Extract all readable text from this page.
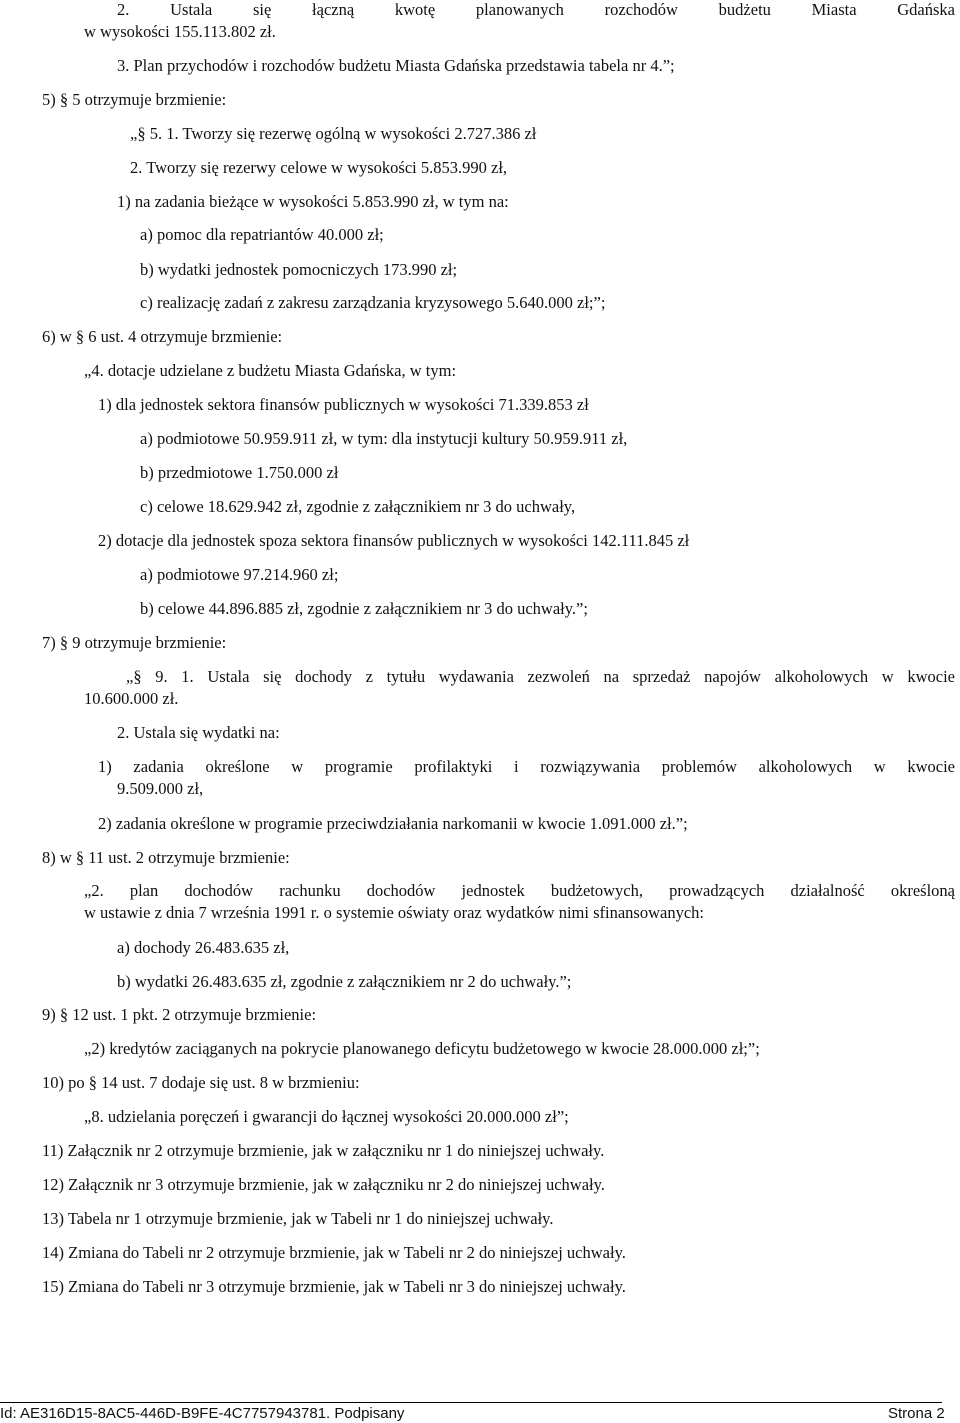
2. Ustala się łączną kwotę planowanych rozchodów budżetu Miasta Gdańska
w wysokości 155.113.802 zł.
3. Plan przychodów i rozchodów budżetu Miasta Gdańska przedstawia tabela nr 4.”;
5) § 5 otrzymuje brzmienie:
„§ 5. 1. Tworzy się rezerwę ogólną w wysokości 2.727.386 zł
2. Tworzy się rezerwy celowe w wysokości 5.853.990 zł,
1) na zadania bieżące w wysokości 5.853.990 zł, w tym na:
a) pomoc dla repatriantów 40.000 zł;
b) wydatki jednostek pomocniczych 173.990 zł;
c) realizację zadań z zakresu zarządzania kryzysowego 5.640.000 zł;”;
6) w § 6 ust. 4 otrzymuje brzmienie:
„4. dotacje udzielane z budżetu Miasta Gdańska, w tym:
1) dla jednostek sektora finansów publicznych w wysokości 71.339.853 zł
a) podmiotowe 50.959.911 zł, w tym: dla instytucji kultury 50.959.911 zł,
b) przedmiotowe 1.750.000 zł
c) celowe 18.629.942 zł, zgodnie z załącznikiem nr 3 do uchwały,
2) dotacje dla jednostek spoza sektora finansów publicznych w wysokości 142.111.845 zł
a) podmiotowe 97.214.960 zł;
b) celowe 44.896.885 zł, zgodnie z załącznikiem nr 3 do uchwały.”;
7) § 9 otrzymuje brzmienie:
„§ 9. 1. Ustala się dochody z tytułu wydawania zezwoleń na sprzedaż napojów alkoholowych w kwocie
10.600.000 zł.
2. Ustala się wydatki na:
1) zadania określone w programie profilaktyki i rozwiązywania problemów alkoholowych w kwocie
9.509.000 zł,
2) zadania określone w programie przeciwdziałania narkomanii w kwocie 1.091.000 zł.”;
8) w § 11 ust. 2 otrzymuje brzmienie:
„2. plan dochodów rachunku dochodów jednostek budżetowych, prowadzących działalność określoną
w ustawie z dnia 7 września 1991 r. o systemie oświaty oraz wydatków nimi sfinansowanych:
a) dochody 26.483.635 zł,
b) wydatki 26.483.635 zł, zgodnie z załącznikiem nr 2 do uchwały.”;
9) § 12 ust. 1 pkt. 2 otrzymuje brzmienie:
„2) kredytów zaciąganych na pokrycie planowanego deficytu budżetowego w kwocie 28.000.000 zł;”;
10) po § 14 ust. 7 dodaje się ust. 8 w brzmieniu:
„8. udzielania poręczeń i gwarancji do łącznej wysokości 20.000.000 zł”;
11) Załącznik nr 2 otrzymuje brzmienie, jak w załączniku nr 1 do niniejszej uchwały.
12) Załącznik nr 3 otrzymuje brzmienie, jak w załączniku nr 2 do niniejszej uchwały.
13) Tabela nr 1 otrzymuje brzmienie, jak w Tabeli nr 1 do niniejszej uchwały.
14) Zmiana do Tabeli nr 2 otrzymuje brzmienie, jak w Tabeli nr 2 do niniejszej uchwały.
15) Zmiana do Tabeli nr 3 otrzymuje brzmienie, jak w Tabeli nr 3 do niniejszej uchwały.
Id: AE316D15-8AC5-446D-B9FE-4C7757943781. Podpisany	Strona 2
